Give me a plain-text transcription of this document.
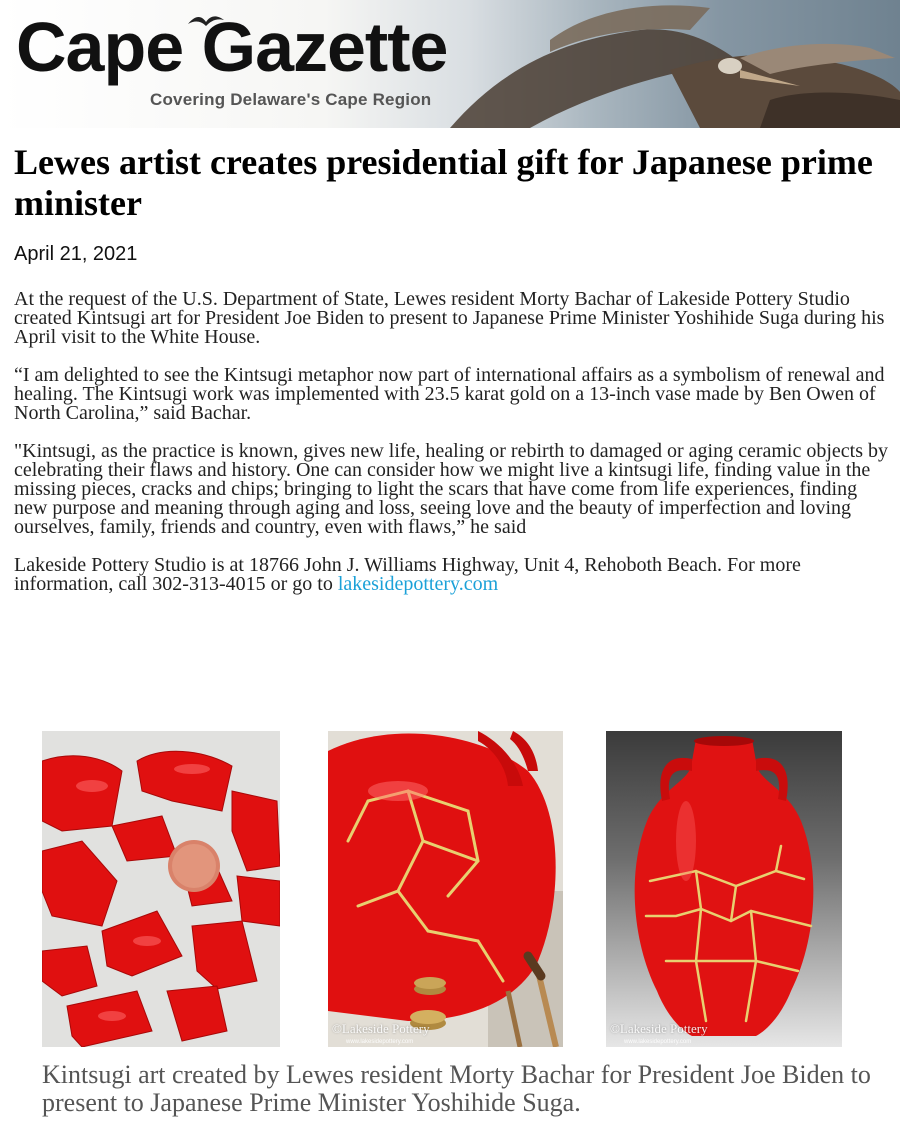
Cape Gazette
Covering Delaware's Cape Region
Lewes artist creates presidential gift for Japanese prime minister
April 21, 2021

At the request of the U.S. Department of State, Lewes resident Morty Bachar of Lakeside Pottery Studio created Kintsugi art for President Joe Biden to present to Japanese Prime Minister Yoshihide Suga during his April visit to the White House.

“I am delighted to see the Kintsugi metaphor now part of international affairs as a symbolism of renewal and healing. The Kintsugi work was implemented with 23.5 karat gold on a 13-inch vase made by Ben Owen of North Carolina,” said Bachar.

"Kintsugi, as the practice is known, gives new life, healing or rebirth to damaged or aging ceramic objects by celebrating their flaws and history. One can consider how we might live a kintsugi life, finding value in the missing pieces, cracks and chips; bringing to light the scars that have come from life experiences, finding new purpose and meaning through aging and loss, seeing love and the beauty of imperfection and loving ourselves, family, friends and country, even with flaws,” he said

Lakeside Pottery Studio is at 18766 John J. Williams Highway, Unit 4, Rehoboth Beach. For more information, call 302-313-4015 or go to lakesidepottery.com

©Lakeside Pottery
www.lakesidepottery.com
©Lakeside Pottery
www.lakesidepottery.com
Kintsugi art created by Lewes resident Morty Bachar for President Joe Biden to present to Japanese Prime Minister Yoshihide Suga.
